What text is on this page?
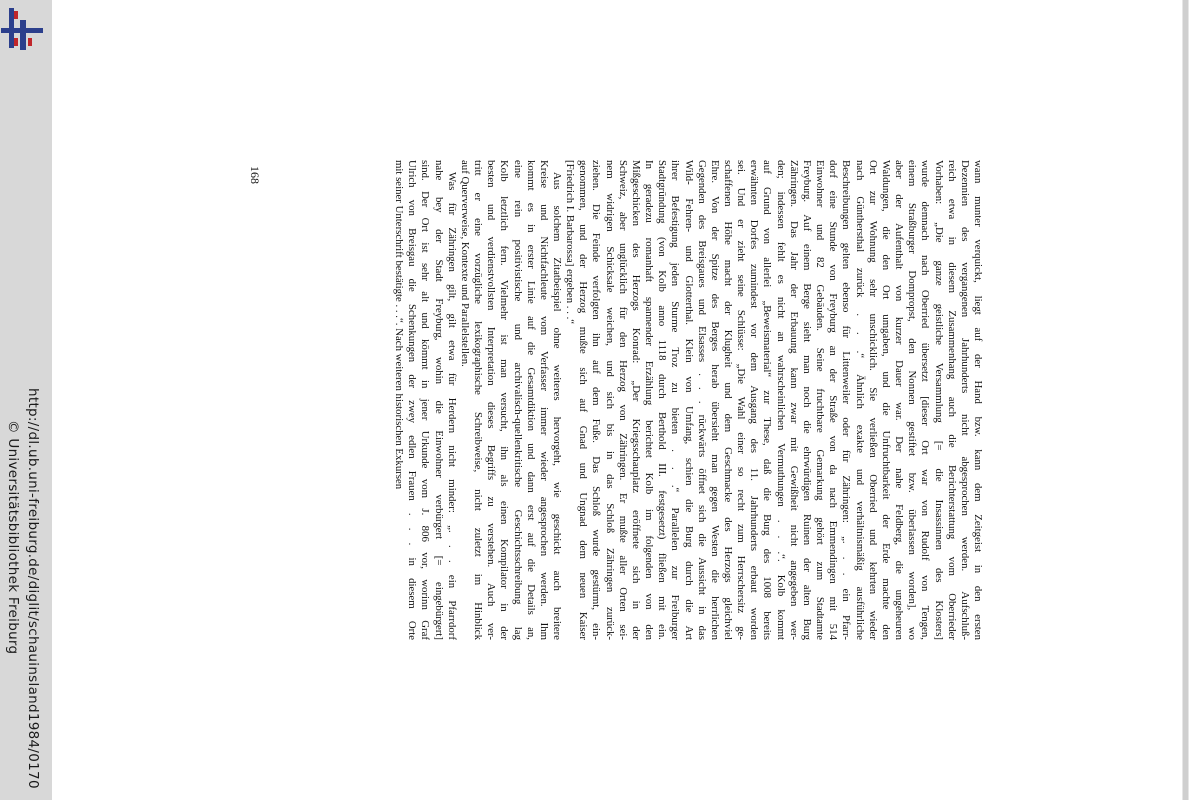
http://dl.ub.uni-freiburg.de/diglit/schauinsland1984/0170
© Universitätsbibliothek Freiburg	wann munter verquickt, liegt auf der Hand bzw. kann dem Zeitgeist in den ersten
Dezennien des vergangenen Jahrhunderts nicht abgesprochen werden. Aufschluß-
reich etwa in diesem Zusammenhang auch die Berichterstattung vom Oberrieder
Vorhaben: „Die ganze geistliche Versammlung [= die Insassinnen des Klosters]
wurde demnach nach Oberried übersetzt [dieser Ort war von Rudolf von Tengen,
einem Straßburger Dompropst, den Nonnen gestiftet bzw. überlassen worden], wo
aber der Aufenthalt von kurzer Dauer war. Der nahe Feldberg, die ungeheuren
Waldungen, die den Ort umgaben, und die Unfruchtbarkeit der Erde machte den
Ort zur Wohnung sehr unschicklich. Sie verließen Oberried und kehrten wieder
nach Günthersthal zurück . . .“ Ähnlich exakte und verhältnismäßig ausführliche
Beschreibungen gelten ebenso für Littenweiler oder für Zähringen: „. . . ein Pfarr-
dorf eine Stunde von Freyburg an der Straße von da nach Emmendingen mit 514
Einwohner und 82 Gebäuden. Seine fruchtbare Gemarkung gehört zum Stadtamte
Freyburg. Auf einem Berge sieht man noch die ehrwürdigen Ruinen der alten Burg
Zähringen. Das Jahr der Erbauung kann zwar mit Gewißheit nicht angegeben wer-
den; indessen fehlt es nicht an wahrscheinlichen Vermuthungen . . .“. Kolb kommt
auf Grund von allerlei „Beweismaterial“ zur These, daß die Burg des 1008 bereits
erwähnten Dorfes zumindest vor dem Ausgang des 11. Jahrhunderts erbaut worden
sei. Und er zieht seine Schlüsse: „Die Wahl einer so recht zum Herrschersitz ge-
schaffenen Höhe macht der Klugheit und dem Geschmacke des Herzogs gleichviel
Ehre. Von der Spitze des Berges herab übersieht man gegen Westen die herrlichen
Gegenden des Breisgaues und Elsasses . . . rückwärts öffnet sich die Aussicht in das
Wild- Fehren- und Glotterthal. Klein von Umfang, schien die Burg durch die Art
ihrer Befestigung jeden Sturme Troz zu bieten . . .“ Parallelen zur Freiburger
Stadtgründung (von Kolb anno 1118 durch Berthold III. festgesetzt) fließen mit ein.
In geradezu romanhaft spannender Erzählung berichtet Kolb im folgenden von den
Mißgeschicken des Herzogs Konrad: „Der Kriegsschauplatz eröffnete sich in der
Schweiz, aber unglücklich für den Herzog von Zähringen. Er mußte aller Orten sei-
nem widrigen Schicksale weichen, und sich bis in das Schloß Zähringen zurück-
ziehen. Die Feinde verfolgten ihn auf dem Fuße. Das Schloß wurde gestürmt, ein-
genommen, und der Herzog mußte sich auf Gnad und Ungnad dem neuen Kaiser
[Friedrich I. Barbarossa] ergeben . . .“

Aus solchem Zitatbeispiel ohne weiteres hervorgeht, wie geschickt auch breitere
Kreise und Nichtfachleute vom Verfasser immer wieder angesprochen werden. Ihm
kommt es in erster Linie auf die Gesamtdiktion und dann erst auf die Details an,
eine rein positivistische und archivalisch-quellenkritische Geschichtsschreibung lag
Kolb letztlich fern. Vielmehr ist man versucht, ihn als einen Kompilator in der
besten und verdienstvollsten Interpretation dieses Begriffs zu verstehen. Auch ver-
tritt er eine vorzügliche lexikographische Schreibweise, nicht zuletzt im Hinblick
auf Querverweise, Kontexte und Parallelstellen.

Was für Zähringen gilt, gilt etwa für Herdern nicht minder: „. . . ein Pfarrdorf
nahe bey der Stadt Freyburg, wohin die Einwohner verbürgert [= eingebürgert]
sind. Der Ort ist sehr alt und kömmt in jener Urkunde vom J. 806 vor, worinn Graf
Ulrich von Breisgau die Schenkungen der zwey edlen Frauen . . . in diesem Orte
mit seiner Unterschrift bestätigte . . .“. Nach weiteren historischen Exkursen

168
